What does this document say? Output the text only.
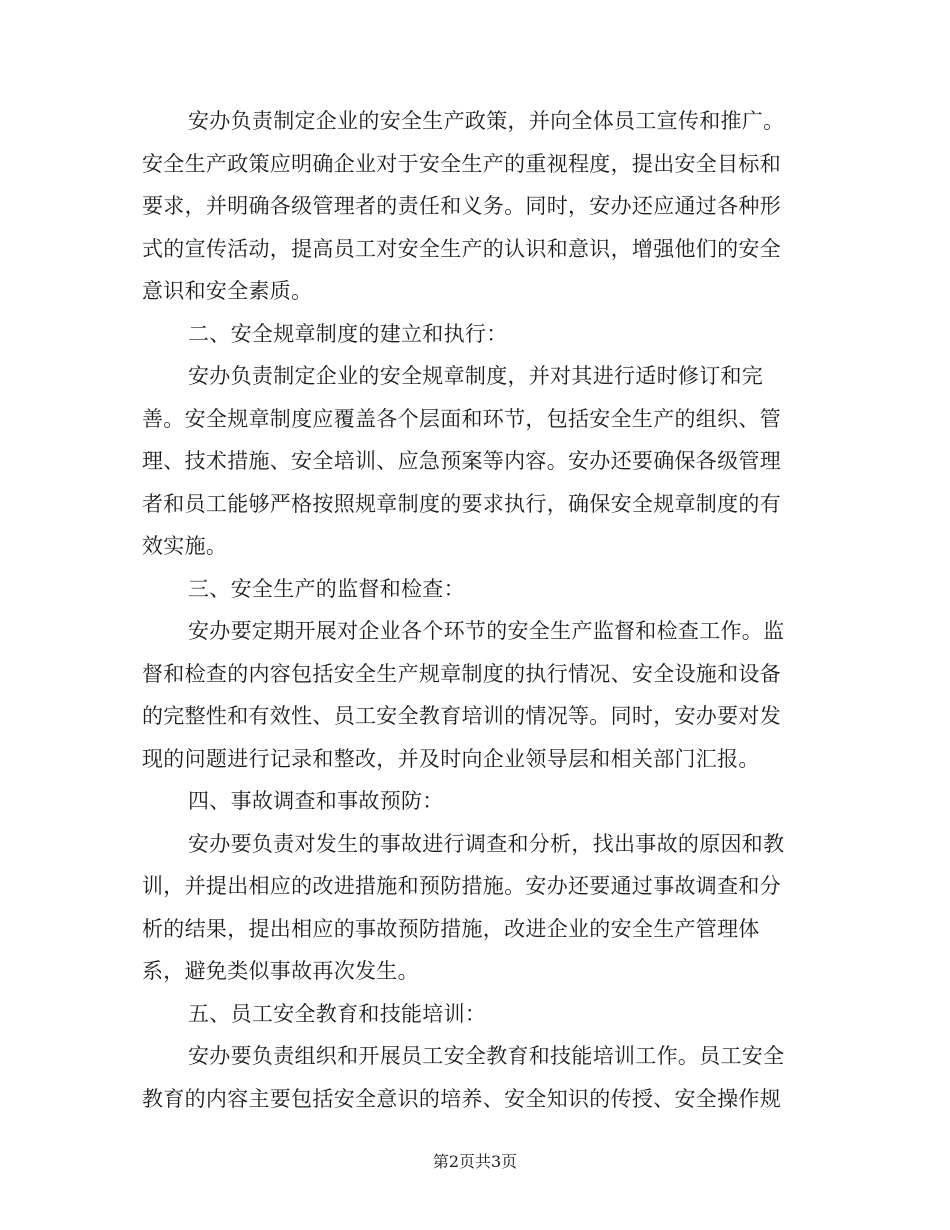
安办负责制定企业的安全生产政策，并向全体员工宣传和推广。
安全生产政策应明确企业对于安全生产的重视程度，提出安全目标和
要求，并明确各级管理者的责任和义务。同时，安办还应通过各种形
式的宣传活动，提高员工对安全生产的认识和意识，增强他们的安全
意识和安全素质。
二、安全规章制度的建立和执行：
安办负责制定企业的安全规章制度，并对其进行适时修订和完
善。安全规章制度应覆盖各个层面和环节，包括安全生产的组织、管
理、技术措施、安全培训、应急预案等内容。安办还要确保各级管理
者和员工能够严格按照规章制度的要求执行，确保安全规章制度的有
效实施。
三、安全生产的监督和检查：
安办要定期开展对企业各个环节的安全生产监督和检查工作。监
督和检查的内容包括安全生产规章制度的执行情况、安全设施和设备
的完整性和有效性、员工安全教育培训的情况等。同时，安办要对发
现的问题进行记录和整改，并及时向企业领导层和相关部门汇报。
四、事故调查和事故预防：
安办要负责对发生的事故进行调查和分析，找出事故的原因和教
训，并提出相应的改进措施和预防措施。安办还要通过事故调查和分
析的结果，提出相应的事故预防措施，改进企业的安全生产管理体
系，避免类似事故再次发生。
五、员工安全教育和技能培训：
安办要负责组织和开展员工安全教育和技能培训工作。员工安全
教育的内容主要包括安全意识的培养、安全知识的传授、安全操作规
第2页共3页
